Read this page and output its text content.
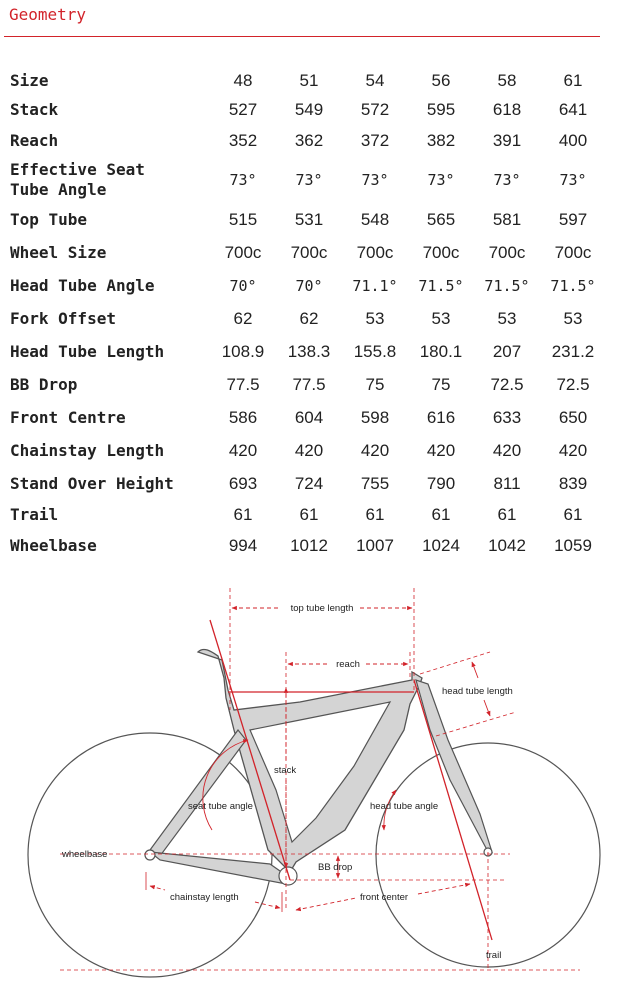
Geometry
Size	48	51	54	56	58	61
Stack	527	549	572	595	618	641
Reach	352	362	372	382	391	400
Effective Seat
Tube Angle	73°	73°	73°	73°	73°	73°
Top Tube	515	531	548	565	581	597
Wheel Size	700c	700c	700c	700c	700c	700c
Head Tube Angle	70°	70°	71.1°	71.5°	71.5°	71.5°
Fork Offset	62	62	53	53	53	53
Head Tube Length	108.9	138.3	155.8	180.1	207	231.2
BB Drop	77.5	77.5	75	75	72.5	72.5
Front Centre	586	604	598	616	633	650
Chainstay Length	420	420	420	420	420	420
Stand Over Height	693	724	755	790	811	839
Trail	61	61	61	61	61	61
Wheelbase	994	1012	1007	1024	1042	1059
top tube length
reach
head tube length
stack
seat tube angle	head tube angle
wheelbase
BB drop
chainstay length	front center
trail
